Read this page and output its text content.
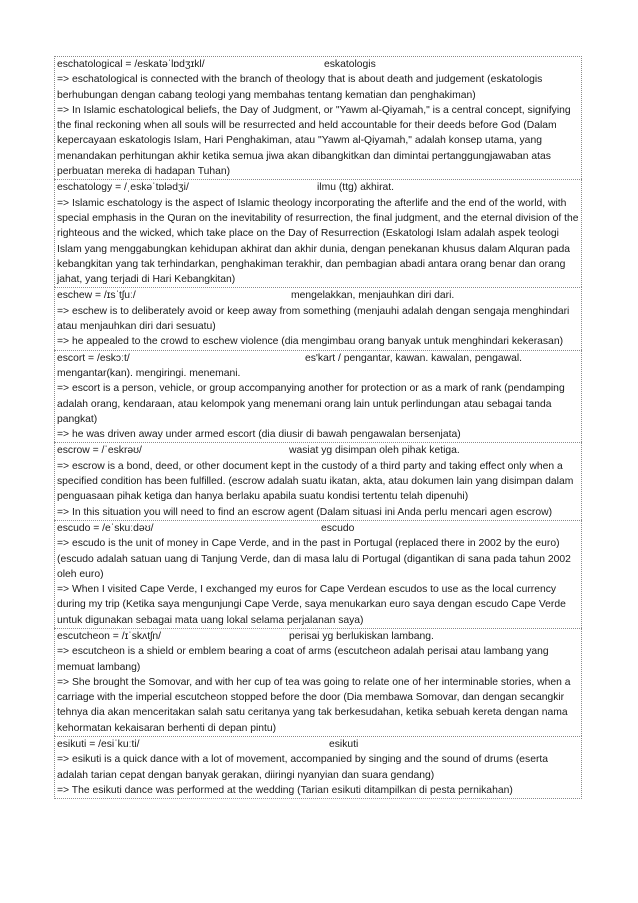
eschatological = /eskatəˈlɒdʒɪkl/	eskatologis
=> eschatological is connected with the branch of theology that is about death and judgement (eskatologis berhubungan dengan cabang teologi yang membahas tentang kematian dan penghakiman)
=> In Islamic eschatological beliefs, the Day of Judgment, or "Yawm al-Qiyamah," is a central concept, signifying the final reckoning when all souls will be resurrected and held accountable for their deeds before God (Dalam kepercayaan eskatologis Islam, Hari Penghakiman, atau "Yawm al-Qiyamah," adalah konsep utama, yang menandakan perhitungan akhir ketika semua jiwa akan dibangkitkan dan dimintai pertanggungjawaban atas perbuatan mereka di hadapan Tuhan)
eschatology = /ˌeskəˈtɒlədʒi/	ilmu (ttg) akhirat.
=> Islamic eschatology is the aspect of Islamic theology incorporating the afterlife and the end of the world, with special emphasis in the Quran on the inevitability of resurrection, the final judgment, and the eternal division of the righteous and the wicked, which take place on the Day of Resurrection (Eskatologi Islam adalah aspek teologi Islam yang menggabungkan kehidupan akhirat dan akhir dunia, dengan penekanan khusus dalam Alquran pada kebangkitan yang tak terhindarkan, penghakiman terakhir, dan pembagian abadi antara orang benar dan orang jahat, yang terjadi di Hari Kebangkitan)
eschew = /ɪsˈtʃuː/	mengelakkan, menjauhkan diri dari.
=> eschew is to deliberately avoid or keep away from something (menjauhi adalah dengan sengaja menghindari atau menjauhkan diri dari sesuatu)
=> he appealed to the crowd to eschew violence (dia mengimbau orang banyak untuk menghindari kekerasan)
escort = /eskɔːt/	es'kart / pengantar, kawan. kawalan, pengawal.
mengantar(kan). mengiringi. menemani.
=> escort is a person, vehicle, or group accompanying another for protection or as a mark of rank (pendamping adalah orang, kendaraan, atau kelompok yang menemani orang lain untuk perlindungan atau sebagai tanda pangkat)
=> he was driven away under armed escort (dia diusir di bawah pengawalan bersenjata)
escrow = /ˈeskrəʊ/	wasiat yg disimpan oleh pihak ketiga.
=> escrow is a bond, deed, or other document kept in the custody of a third party and taking effect only when a specified condition has been fulfilled. (escrow adalah suatu ikatan, akta, atau dokumen lain yang disimpan dalam penguasaan pihak ketiga dan hanya berlaku apabila suatu kondisi tertentu telah dipenuhi)
=> In this situation you will need to find an escrow agent (Dalam situasi ini Anda perlu mencari agen escrow)
escudo = /eˈskuːdəʊ/	escudo
=> escudo is the unit of money in Cape Verde, and in the past in Portugal (replaced there in 2002 by the euro) (escudo adalah satuan uang di Tanjung Verde, dan di masa lalu di Portugal (digantikan di sana pada tahun 2002 oleh euro)
=> When I visited Cape Verde, I exchanged my euros for Cape Verdean escudos to use as the local currency during my trip (Ketika saya mengunjungi Cape Verde, saya menukarkan euro saya dengan escudo Cape Verde untuk digunakan sebagai mata uang lokal selama perjalanan saya)
escutcheon = /ɪˈskʌtʃn/	perisai yg berlukiskan lambang.
=> escutcheon is a shield or emblem bearing a coat of arms (escutcheon adalah perisai atau lambang yang memuat lambang)
=> She brought the Somovar, and with her cup of tea was going to relate one of her interminable stories, when a carriage with the imperial escutcheon stopped before the door (Dia membawa Somovar, dan dengan secangkir tehnya dia akan menceritakan salah satu ceritanya yang tak berkesudahan, ketika sebuah kereta dengan nama kehormatan kekaisaran berhenti di depan pintu)
esikuti = /esiˈkuːti/	esikuti
=> esikuti is a quick dance with a lot of movement, accompanied by singing and the sound of drums (eserta adalah tarian cepat dengan banyak gerakan, diiringi nyanyian dan suara gendang)
=> The esikuti dance was performed at the wedding (Tarian esikuti ditampilkan di pesta pernikahan)
